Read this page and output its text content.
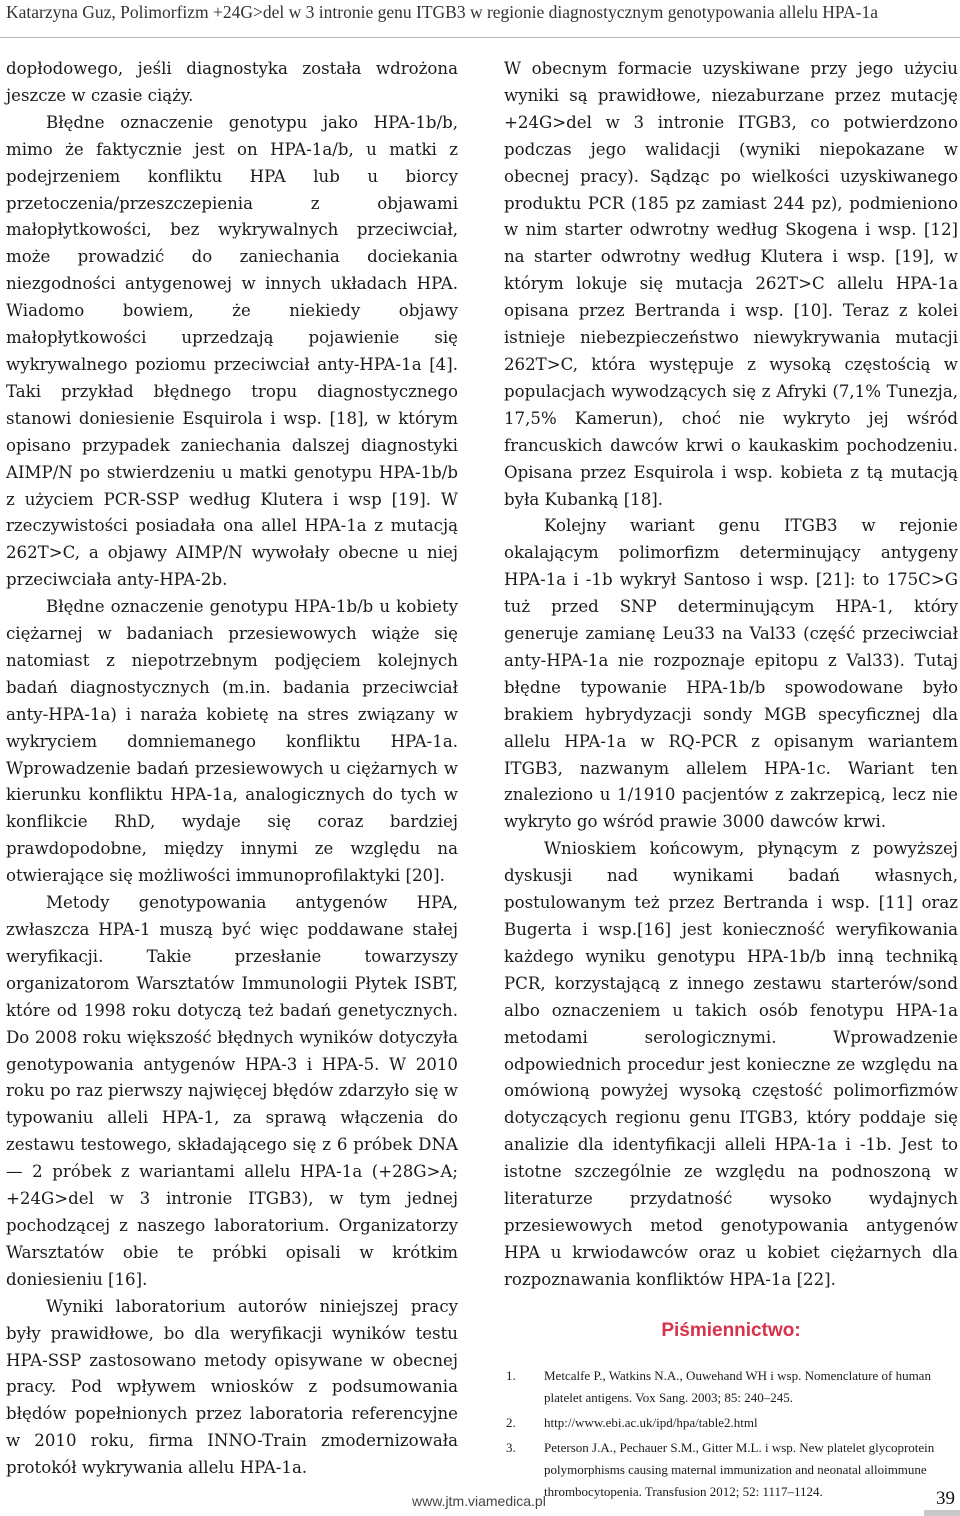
Katarzyna Guz, Polimorfizm +24G>del w 3 intronie genu ITGB3 w regionie diagnostycznym genotypowania allelu HPA-1a

dopłodowego, jeśli diagnostyka została wdrożona jeszcze w czasie ciąży.

Błędne oznaczenie genotypu jako HPA-1b/b, mimo że faktycznie jest on HPA-1a/b, u matki z podejrzeniem konfliktu HPA lub u biorcy przetoczenia/przeszczepienia z objawami małopłytkowości, bez wykrywalnych przeciwciał, może prowadzić do zaniechania dociekania niezgodności antygenowej w innych układach HPA. Wiadomo bowiem, że niekiedy objawy małopłytkowości uprzedzają pojawienie się wykrywalnego poziomu przeciwciał anty-HPA-1a [4]. Taki przykład błędnego tropu diagnostycznego stanowi doniesienie Esquirola i wsp. [18], w którym opisano przypadek zaniechania dalszej diagnostyki AIMP/N po stwierdzeniu u matki genotypu HPA-1b/b z użyciem PCR-SSP według Klutera i wsp [19]. W rzeczywistości posiadała ona allel HPA-1a z mutacją 262T>C, a objawy AIMP/N wywołały obecne u niej przeciwciała anty-HPA-2b.

Błędne oznaczenie genotypu HPA-1b/b u kobiety ciężarnej w badaniach przesiewowych wiąże się natomiast z niepotrzebnym podjęciem kolejnych badań diagnostycznych (m.in. badania przeciwciał anty-HPA-1a) i naraża kobietę na stres związany w wykryciem domniemanego konfliktu HPA-1a. Wprowadzenie badań przesiewowych u ciężarnych w kierunku konfliktu HPA-1a, analogicznych do tych w konflikcie RhD, wydaje się coraz bardziej prawdopodobne, między innymi ze względu na otwierające się możliwości immunoprofilaktyki [20].

Metody genotypowania antygenów HPA, zwłaszcza HPA-1 muszą być więc poddawane stałej weryfikacji. Takie przesłanie towarzyszy organizatorom Warsztatów Immunologii Płytek ISBT, które od 1998 roku dotyczą też badań genetycznych. Do 2008 roku większość błędnych wyników dotyczyła genotypowania antygenów HPA-3 i HPA-5. W 2010 roku po raz pierwszy najwięcej błędów zdarzyło się w typowaniu alleli HPA-1, za sprawą włączenia do zestawu testowego, składającego się z 6 próbek DNA — 2 próbek z wariantami allelu HPA-1a (+28G>A; +24G>del w 3 intronie ITGB3), w tym jednej pochodzącej z naszego laboratorium. Organizatorzy Warsztatów obie te próbki opisali w krótkim doniesieniu [16].

Wyniki laboratorium autorów niniejszej pracy były prawidłowe, bo dla weryfikacji wyników testu HPA-SSP zastosowano metody opisywane w obecnej pracy. Pod wpływem wniosków z podsumowania błędów popełnionych przez laboratoria referencyjne w 2010 roku, firma INNO-Train zmodernizowała protokół wykrywania allelu HPA-1a.

W obecnym formacie uzyskiwane przy jego użyciu wyniki są prawidłowe, niezaburzane przez mutację +24G>del w 3 intronie ITGB3, co potwierdzono podczas jego walidacji (wyniki niepokazane w obecnej pracy). Sądząc po wielkości uzyskiwanego produktu PCR (185 pz zamiast 244 pz), podmieniono w nim starter odwrotny według Skogena i wsp. [12] na starter odwrotny według Klutera i wsp. [19], w którym lokuje się mutacja 262T>C allelu HPA-1a opisana przez Bertranda i wsp. [10]. Teraz z kolei istnieje niebezpieczeństwo niewykrywania mutacji 262T>C, która występuje z wysoką częstością w populacjach wywodzących się z Afryki (7,1% Tunezja, 17,5% Kamerun), choć nie wykryto jej wśród francuskich dawców krwi o kaukaskim pochodzeniu. Opisana przez Esquirola i wsp. kobieta z tą mutacją była Kubanką [18].

Kolejny wariant genu ITGB3 w rejonie okalającym polimorfizm determinujący antygeny HPA-1a i -1b wykrył Santoso i wsp. [21]: to 175C>G tuż przed SNP determinującym HPA-1, który generuje zamianę Leu33 na Val33 (część przeciwciał anty-HPA-1a nie rozpoznaje epitopu z Val33). Tutaj błędne typowanie HPA-1b/b spowodowane było brakiem hybrydyzacji sondy MGB specyficznej dla allelu HPA-1a w RQ-PCR z opisanym wariantem ITGB3, nazwanym allelem HPA-1c. Wariant ten znaleziono u 1/1910 pacjentów z zakrzepicą, lecz nie wykryto go wśród prawie 3000 dawców krwi.

Wnioskiem końcowym, płynącym z powyższej dyskusji nad wynikami badań własnych, postulowanym też przez Bertranda i wsp. [11] oraz Bugerta i wsp.[16] jest konieczność weryfikowania każdego wyniku genotypu HPA-1b/b inną techniką PCR, korzystającą z innego zestawu starterów/sond albo oznaczeniem u takich osób fenotypu HPA-1a metodami serologicznymi. Wprowadzenie odpowiednich procedur jest konieczne ze względu na omówioną powyżej wysoką częstość polimorfizmów dotyczących regionu genu ITGB3, który poddaje się analizie dla identyfikacji alleli HPA-1a i -1b. Jest to istotne szczególnie ze względu na podnoszoną w literaturze przydatność wysoko wydajnych przesiewowych metod genotypowania antygenów HPA u krwiodawców oraz u kobiet ciężarnych dla rozpoznawania konfliktów HPA-1a [22].

Piśmiennictwo:
1.	Metcalfe P., Watkins N.A., Ouwehand WH i wsp. Nomenclature of human platelet antigens. Vox Sang. 2003; 85: 240–245.
2.	http://www.ebi.ac.uk/ipd/hpa/table2.html
3.	Peterson J.A., Pechauer S.M., Gitter M.L. i wsp. New platelet glycoprotein polymorphisms causing maternal immunization and neonatal alloimmune thrombocytopenia. Transfusion 2012; 52: 1117–1124.
www.jtm.viamedica.pl	39
